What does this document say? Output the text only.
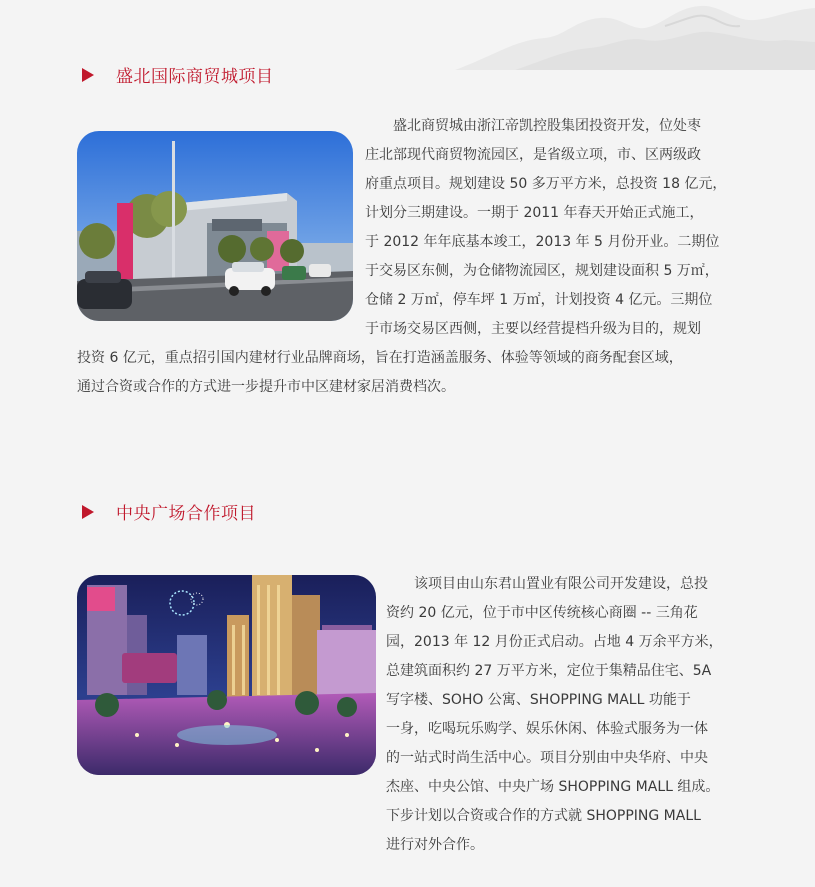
盛北国际商贸城项目

盛北商贸城由浙江帝凯控股集团投资开发，位处枣
庄北部现代商贸物流园区，是省级立项，市、区两级政
府重点项目。规划建设 50 多万平方米，总投资 18 亿元，
计划分三期建设。一期于 2011 年春天开始正式施工，
于 2012 年年底基本竣工，2013 年 5 月份开业。二期位
于交易区东侧，为仓储物流园区，规划建设面积 5 万㎡，
仓储 2 万㎡，停车坪 1 万㎡，计划投资 4 亿元。三期位
于市场交易区西侧，主要以经营提档升级为目的，规划

投资 6 亿元，重点招引国内建材行业品牌商场，旨在打造涵盖服务、体验等领域的商务配套区域，
通过合资或合作的方式进一步提升市中区建材家居消费档次。

中央广场合作项目

该项目由山东君山置业有限公司开发建设，总投
资约 20 亿元，位于市中区传统核心商圈 -- 三角花
园，2013 年 12 月份正式启动。占地 4 万余平方米，
总建筑面积约 27 万平方米，定位于集精品住宅、5A
写字楼、SOHO 公寓、SHOPPING MALL 功能于
一身，吃喝玩乐购学、娱乐休闲、体验式服务为一体
的一站式时尚生活中心。项目分别由中央华府、中央
杰座、中央公馆、中央广场 SHOPPING MALL 组成。
下步计划以合资或合作的方式就 SHOPPING MALL
进行对外合作。
